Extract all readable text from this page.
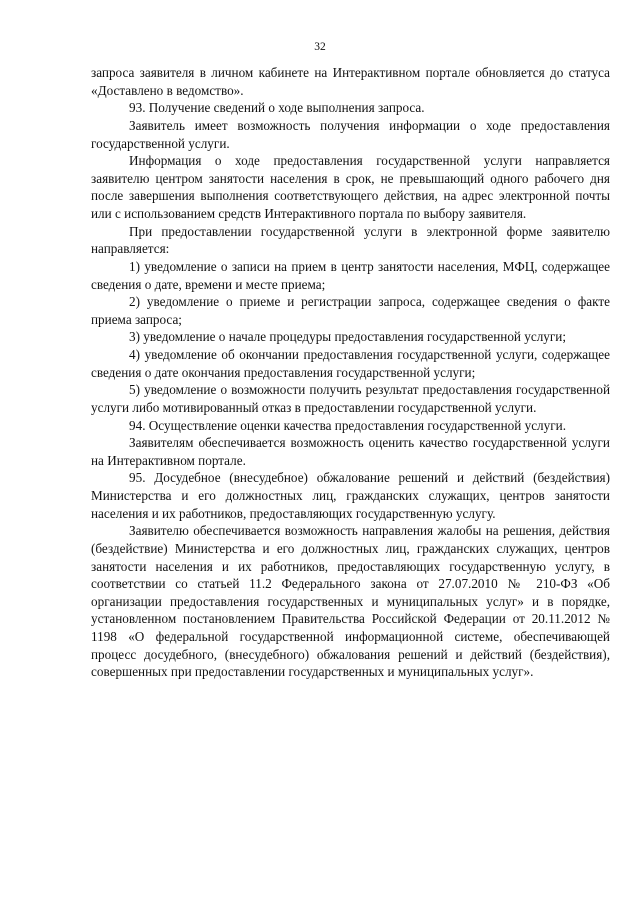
32

запроса заявителя в личном кабинете на Интерактивном портале обновляется до статуса «Доставлено в ведомство».

93. Получение сведений о ходе выполнения запроса.

Заявитель имеет возможность получения информации о ходе предоставления государственной услуги.

Информация о ходе предоставления государственной услуги направляется заявителю центром занятости населения в срок, не превышающий одного рабочего дня после завершения выполнения соответствующего действия, на адрес электронной почты или с использованием средств Интерактивного портала по выбору заявителя.

При предоставлении государственной услуги в электронной форме заявителю направляется:

1) уведомление о записи на прием в центр занятости населения, МФЦ, содержащее сведения о дате, времени и месте приема;

2) уведомление о приеме и регистрации запроса, содержащее сведения о факте приема запроса;

3) уведомление о начале процедуры предоставления государственной услуги;

4) уведомление об окончании предоставления государственной услуги, содержащее сведения о дате окончания предоставления государственной услуги;

5) уведомление о возможности получить результат предоставления государственной услуги либо мотивированный отказ в предоставлении государственной услуги.

94. Осуществление оценки качества предоставления государственной услуги.

Заявителям обеспечивается возможность оценить качество государственной услуги на Интерактивном портале.

95. Досудебное (внесудебное) обжалование решений и действий (бездействия) Министерства и его должностных лиц, гражданских служащих, центров занятости населения и их работников, предоставляющих государственную услугу.

Заявителю обеспечивается возможность направления жалобы на решения, действия (бездействие) Министерства и его должностных лиц, гражданских служащих, центров занятости населения и их работников, предоставляющих государственную услугу, в соответствии со статьей 11.2 Федерального закона от 27.07.2010 № 210-ФЗ «Об организации предоставления государственных и муниципальных услуг» и в порядке, установленном постановлением Правительства Российской Федерации от 20.11.2012 № 1198 «О федеральной государственной информационной системе, обеспечивающей процесс досудебного, (внесудебного) обжалования решений и действий (бездействия), совершенных при предоставлении государственных и муниципальных услуг».
